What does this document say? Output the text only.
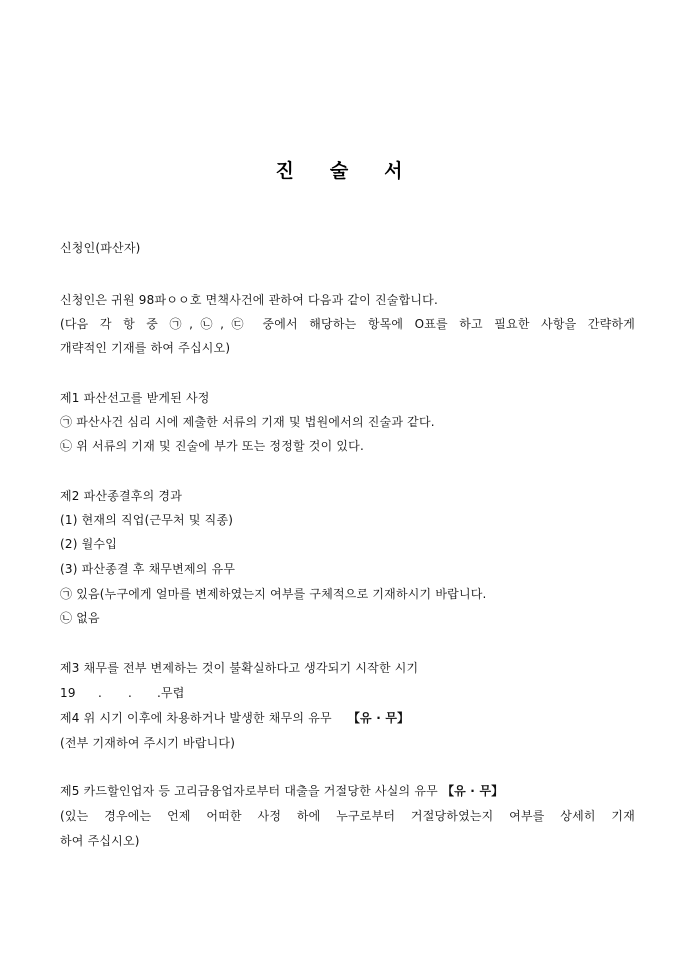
진 술 서
신청인(파산자)
신청인은 귀원 98파ㅇㅇ호 면책사건에 관하여 다음과 같이 진술합니다.
(다음 각 항 중 ㉠,㉡,㉢ 중에서 해당하는 항목에 O표를 하고 필요한 사항을 간략하게
개략적인 기재를 하여 주십시오)
제1 파산선고를 받게된 사정
㉠ 파산사건 심리 시에 제출한 서류의 기재 및 법원에서의 진술과 같다.
㉡ 위 서류의 기재 및 진술에 부가 또는 정정할 것이 있다.
제2 파산종결후의 경과
(1) 현재의 직업(근무처 및 직종)
(2) 월수입
(3) 파산종결 후 채무변제의 유무
㉠ 있음(누구에게 얼마를 변제하였는지 여부를 구체적으로 기재하시기 바랍니다.
㉡ 없음
제3 채무를 전부 변제하는 것이 불확실하다고 생각되기 시작한 시기
19 . . .무렵
제4 위 시기 이후에 차용하거나 발생한 채무의 유무 【유 · 무】
(전부 기재하여 주시기 바랍니다)
제5 카드할인업자 등 고리금융업자로부터 대출을 거절당한 사실의 유무 【유 · 무】
(있는 경우에는 언제 어떠한 사정 하에 누구로부터 거절당하였는지 여부를 상세히 기재
하여 주십시오)
